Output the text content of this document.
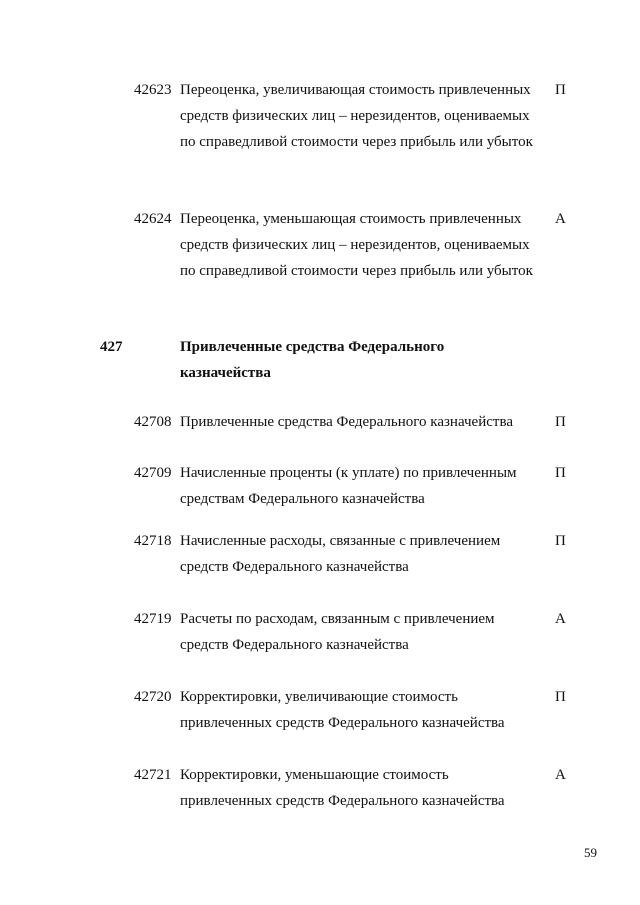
42623 Переоценка, увеличивающая стоимость привлеченных средств физических лиц – нерезидентов, оцениваемых по справедливой стоимости через прибыль или убыток
П
42624 Переоценка, уменьшающая стоимость привлеченных средств физических лиц – нерезидентов, оцениваемых по справедливой стоимости через прибыль или убыток
А
427	Привлеченные средства Федерального казначейства
42708 Привлеченные средства Федерального казначейства	П
42709 Начисленные проценты (к уплате) по привлеченным средствам Федерального казначейства
П
42718 Начисленные расходы, связанные с привлечением средств Федерального казначейства
П
42719 Расчеты по расходам, связанным с привлечением средств Федерального казначейства
А
42720 Корректировки, увеличивающие стоимость привлеченных средств Федерального казначейства
П
42721 Корректировки, уменьшающие стоимость привлеченных средств Федерального казначейства
А
59
